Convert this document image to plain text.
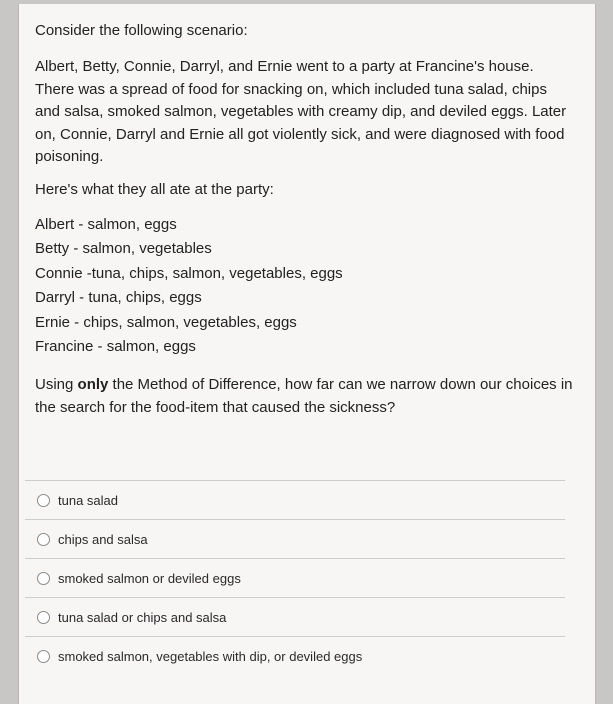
Consider the following scenario:

Albert, Betty, Connie, Darryl, and Ernie went to a party at Francine's house. There was a spread of food for snacking on, which included tuna salad, chips and salsa, smoked salmon, vegetables with creamy dip, and deviled eggs. Later on, Connie, Darryl and Ernie all got violently sick, and were diagnosed with food poisoning.

Here's what they all ate at the party:

Albert - salmon, eggs
Betty - salmon, vegetables
Connie -tuna, chips, salmon, vegetables, eggs
Darryl - tuna, chips, eggs
Ernie - chips, salmon, vegetables, eggs
Francine - salmon, eggs

Using only the Method of Difference, how far can we narrow down our choices in the search for the food-item that caused the sickness?

tuna salad
chips and salsa
smoked salmon or deviled eggs
tuna salad or chips and salsa
smoked salmon, vegetables with dip, or deviled eggs
